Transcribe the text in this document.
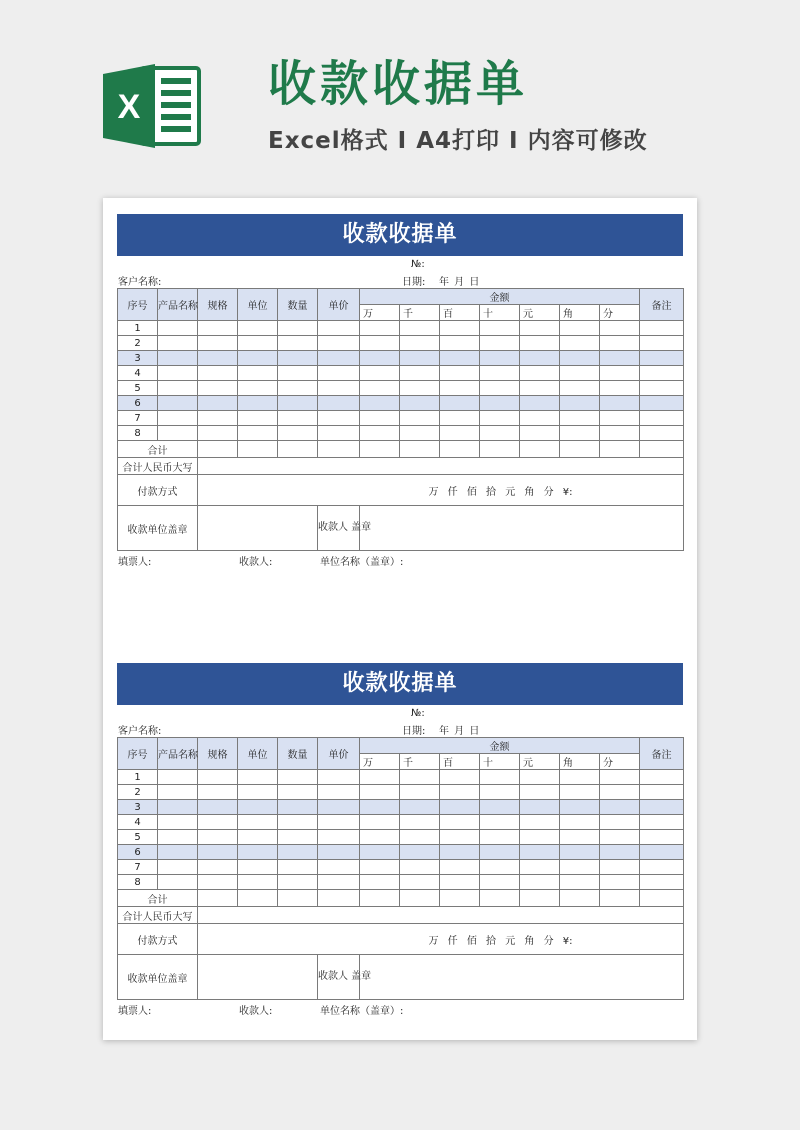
X	收款收据单
Excel格式 I A4打印 I 内容可修改
收款收据单
№:
客户名称:	日期: 年 月 日
序号	产品名称	规格	单位	数量	单价	金额							备注
						万	千	百	十	元	角	分	
1													
2													
3													
4													
5													
6													
7													
8													
合计													
合计人民币大写													
付款方式		万 仟 佰 拾 元 角 分 ¥:											
收款单位盖章					收款人 盖章								
填票人:	收款人:	单位名称（盖章）:
收款收据单
№:
客户名称:	日期: 年 月 日
序号	产品名称	规格	单位	数量	单价	金额							备注
						万	千	百	十	元	角	分	
1													
2													
3													
4													
5													
6													
7													
8													
合计													
合计人民币大写													
付款方式		万 仟 佰 拾 元 角 分 ¥:											
收款单位盖章					收款人 盖章								
填票人:	收款人:	单位名称（盖章）:
